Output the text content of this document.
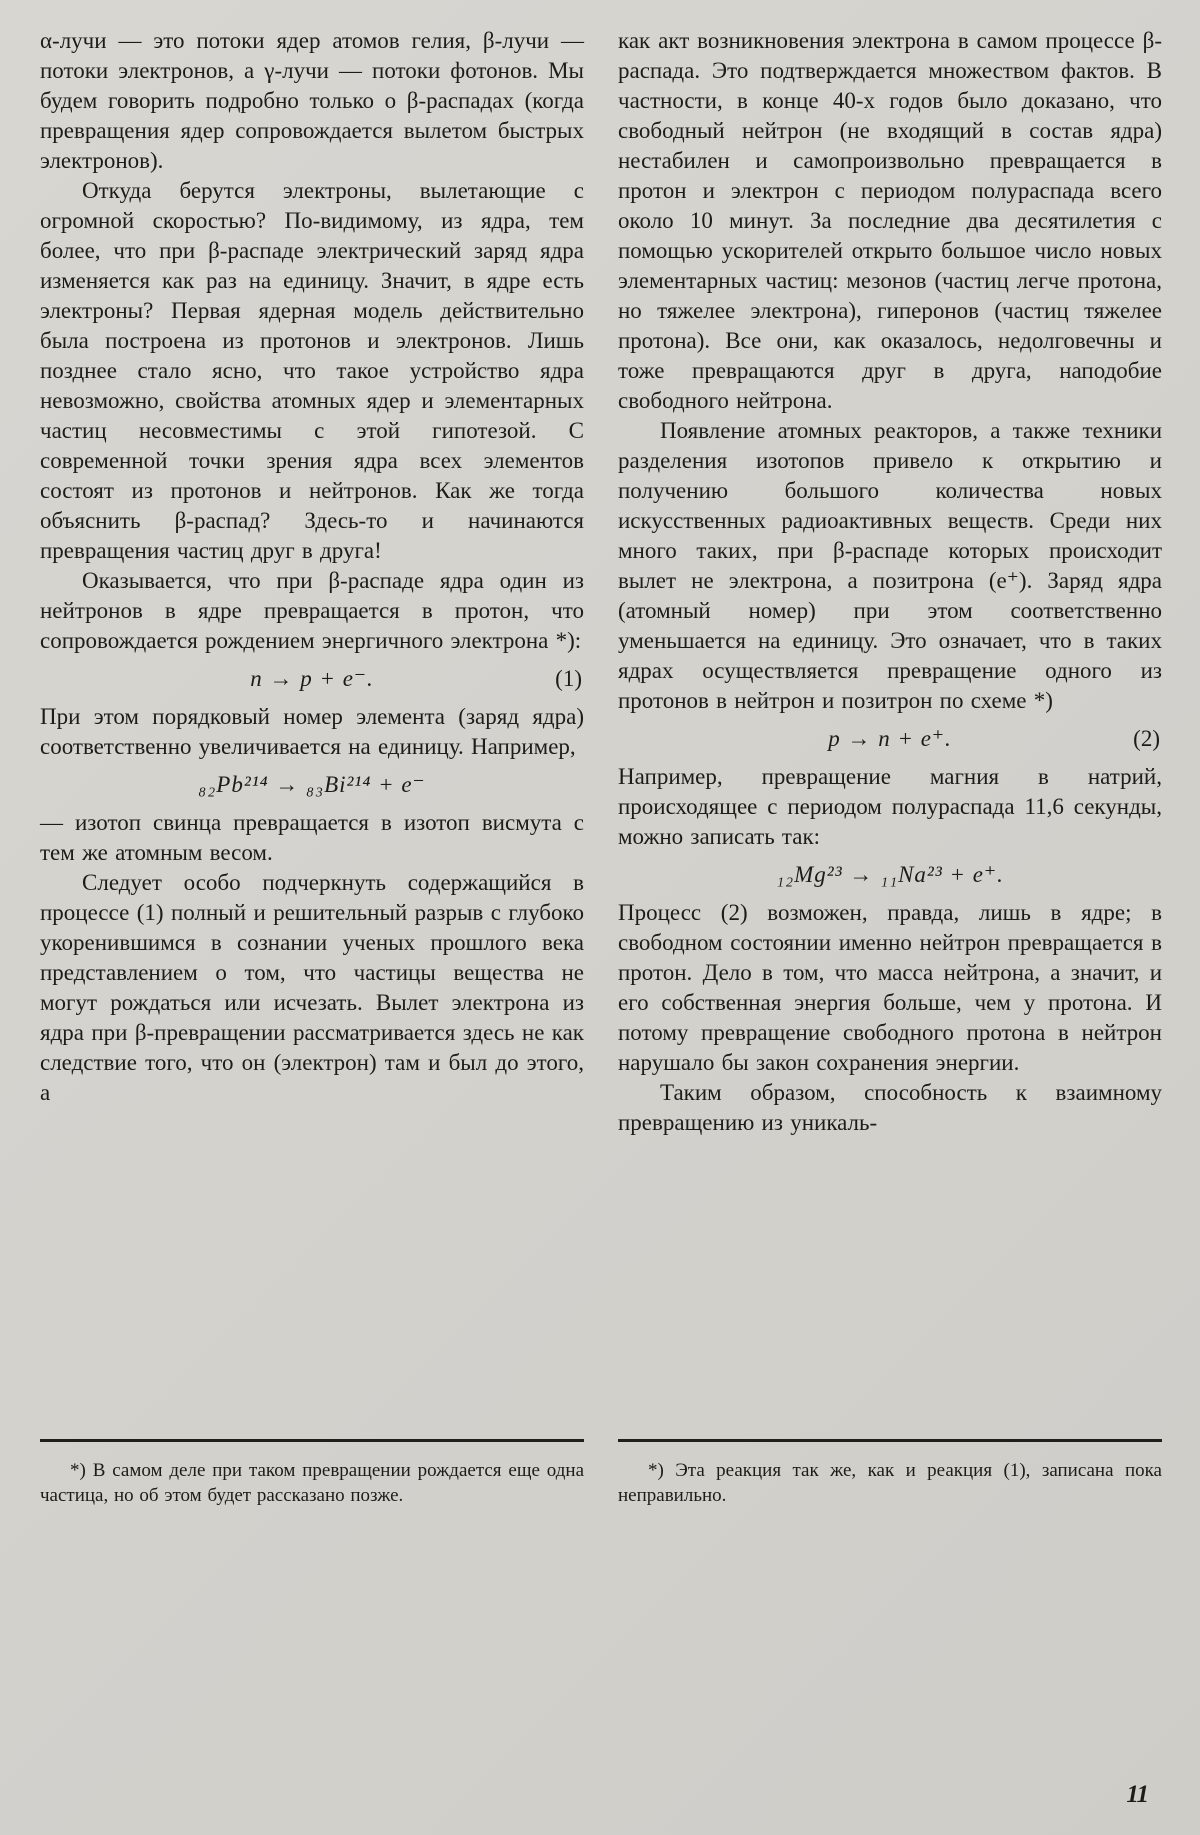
α-лучи — это потоки ядер атомов гелия, β-лучи — потоки электронов, а γ-лучи — потоки фотонов. Мы будем говорить подробно только о β-распадах (когда превращения ядер сопровождается вылетом быстрых электронов).

Откуда берутся электроны, вылетающие с огромной скоростью? По-видимому, из ядра, тем более, что при β-распаде электрический заряд ядра изменяется как раз на единицу. Значит, в ядре есть электроны? Первая ядерная модель действительно была построена из протонов и электронов. Лишь позднее стало ясно, что такое устройство ядра невозможно, свойства атомных ядер и элементарных частиц несовместимы с этой гипотезой. С современной точки зрения ядра всех элементов состоят из протонов и нейтронов. Как же тогда объяснить β-распад? Здесь-то и начинаются превращения частиц друг в друга!

Оказывается, что при β-распаде ядра один из нейтронов в ядре превращается в протон, что сопровождается рождением энергичного электрона *):

n → p + e⁻.	(1)

При этом порядковый номер элемента (заряд ядра) соответственно увеличивается на единицу. Например,

₈₂Pb²¹⁴ → ₈₃Bi²¹⁴ + e⁻

— изотоп свинца превращается в изотоп висмута с тем же атомным весом.

Следует особо подчеркнуть содержащийся в процессе (1) полный и решительный разрыв с глубоко укоренившимся в сознании ученых прошлого века представлением о том, что частицы вещества не могут рождаться или исчезать. Вылет электрона из ядра при β-превращении рассматривается здесь не как следствие того, что он (электрон) там и был до этого, а

*) В самом деле при таком превращении рождается еще одна частица, но об этом будет рассказано позже.

как акт возникновения электрона в самом процессе β-распада. Это подтверждается множеством фактов. В частности, в конце 40-х годов было доказано, что свободный нейтрон (не входящий в состав ядра) нестабилен и самопроизвольно превращается в протон и электрон с периодом полураспада всего около 10 минут. За последние два десятилетия с помощью ускорителей открыто большое число новых элементарных частиц: мезонов (частиц легче протона, но тяжелее электрона), гиперонов (частиц тяжелее протона). Все они, как оказалось, недолговечны и тоже превращаются друг в друга, наподобие свободного нейтрона.

Появление атомных реакторов, а также техники разделения изотопов привело к открытию и получению большого количества новых искусственных радиоактивных веществ. Среди них много таких, при β-распаде которых происходит вылет не электрона, а позитрона (e⁺). Заряд ядра (атомный номер) при этом соответственно уменьшается на единицу. Это означает, что в таких ядрах осуществляется превращение одного из протонов в нейтрон и позитрон по схеме *)

p → n + e⁺.	(2)

Например, превращение магния в натрий, происходящее с периодом полураспада 11,6 секунды, можно записать так:

₁₂Mg²³ → ₁₁Na²³ + e⁺.

Процесс (2) возможен, правда, лишь в ядре; в свободном состоянии именно нейтрон превращается в протон. Дело в том, что масса нейтрона, а значит, и его собственная энергия больше, чем у протона. И потому превращение свободного протона в нейтрон нарушало бы закон сохранения энергии.

Таким образом, способность к взаимному превращению из уникаль-

*) Эта реакция так же, как и реакция (1), записана пока неправильно.

11
